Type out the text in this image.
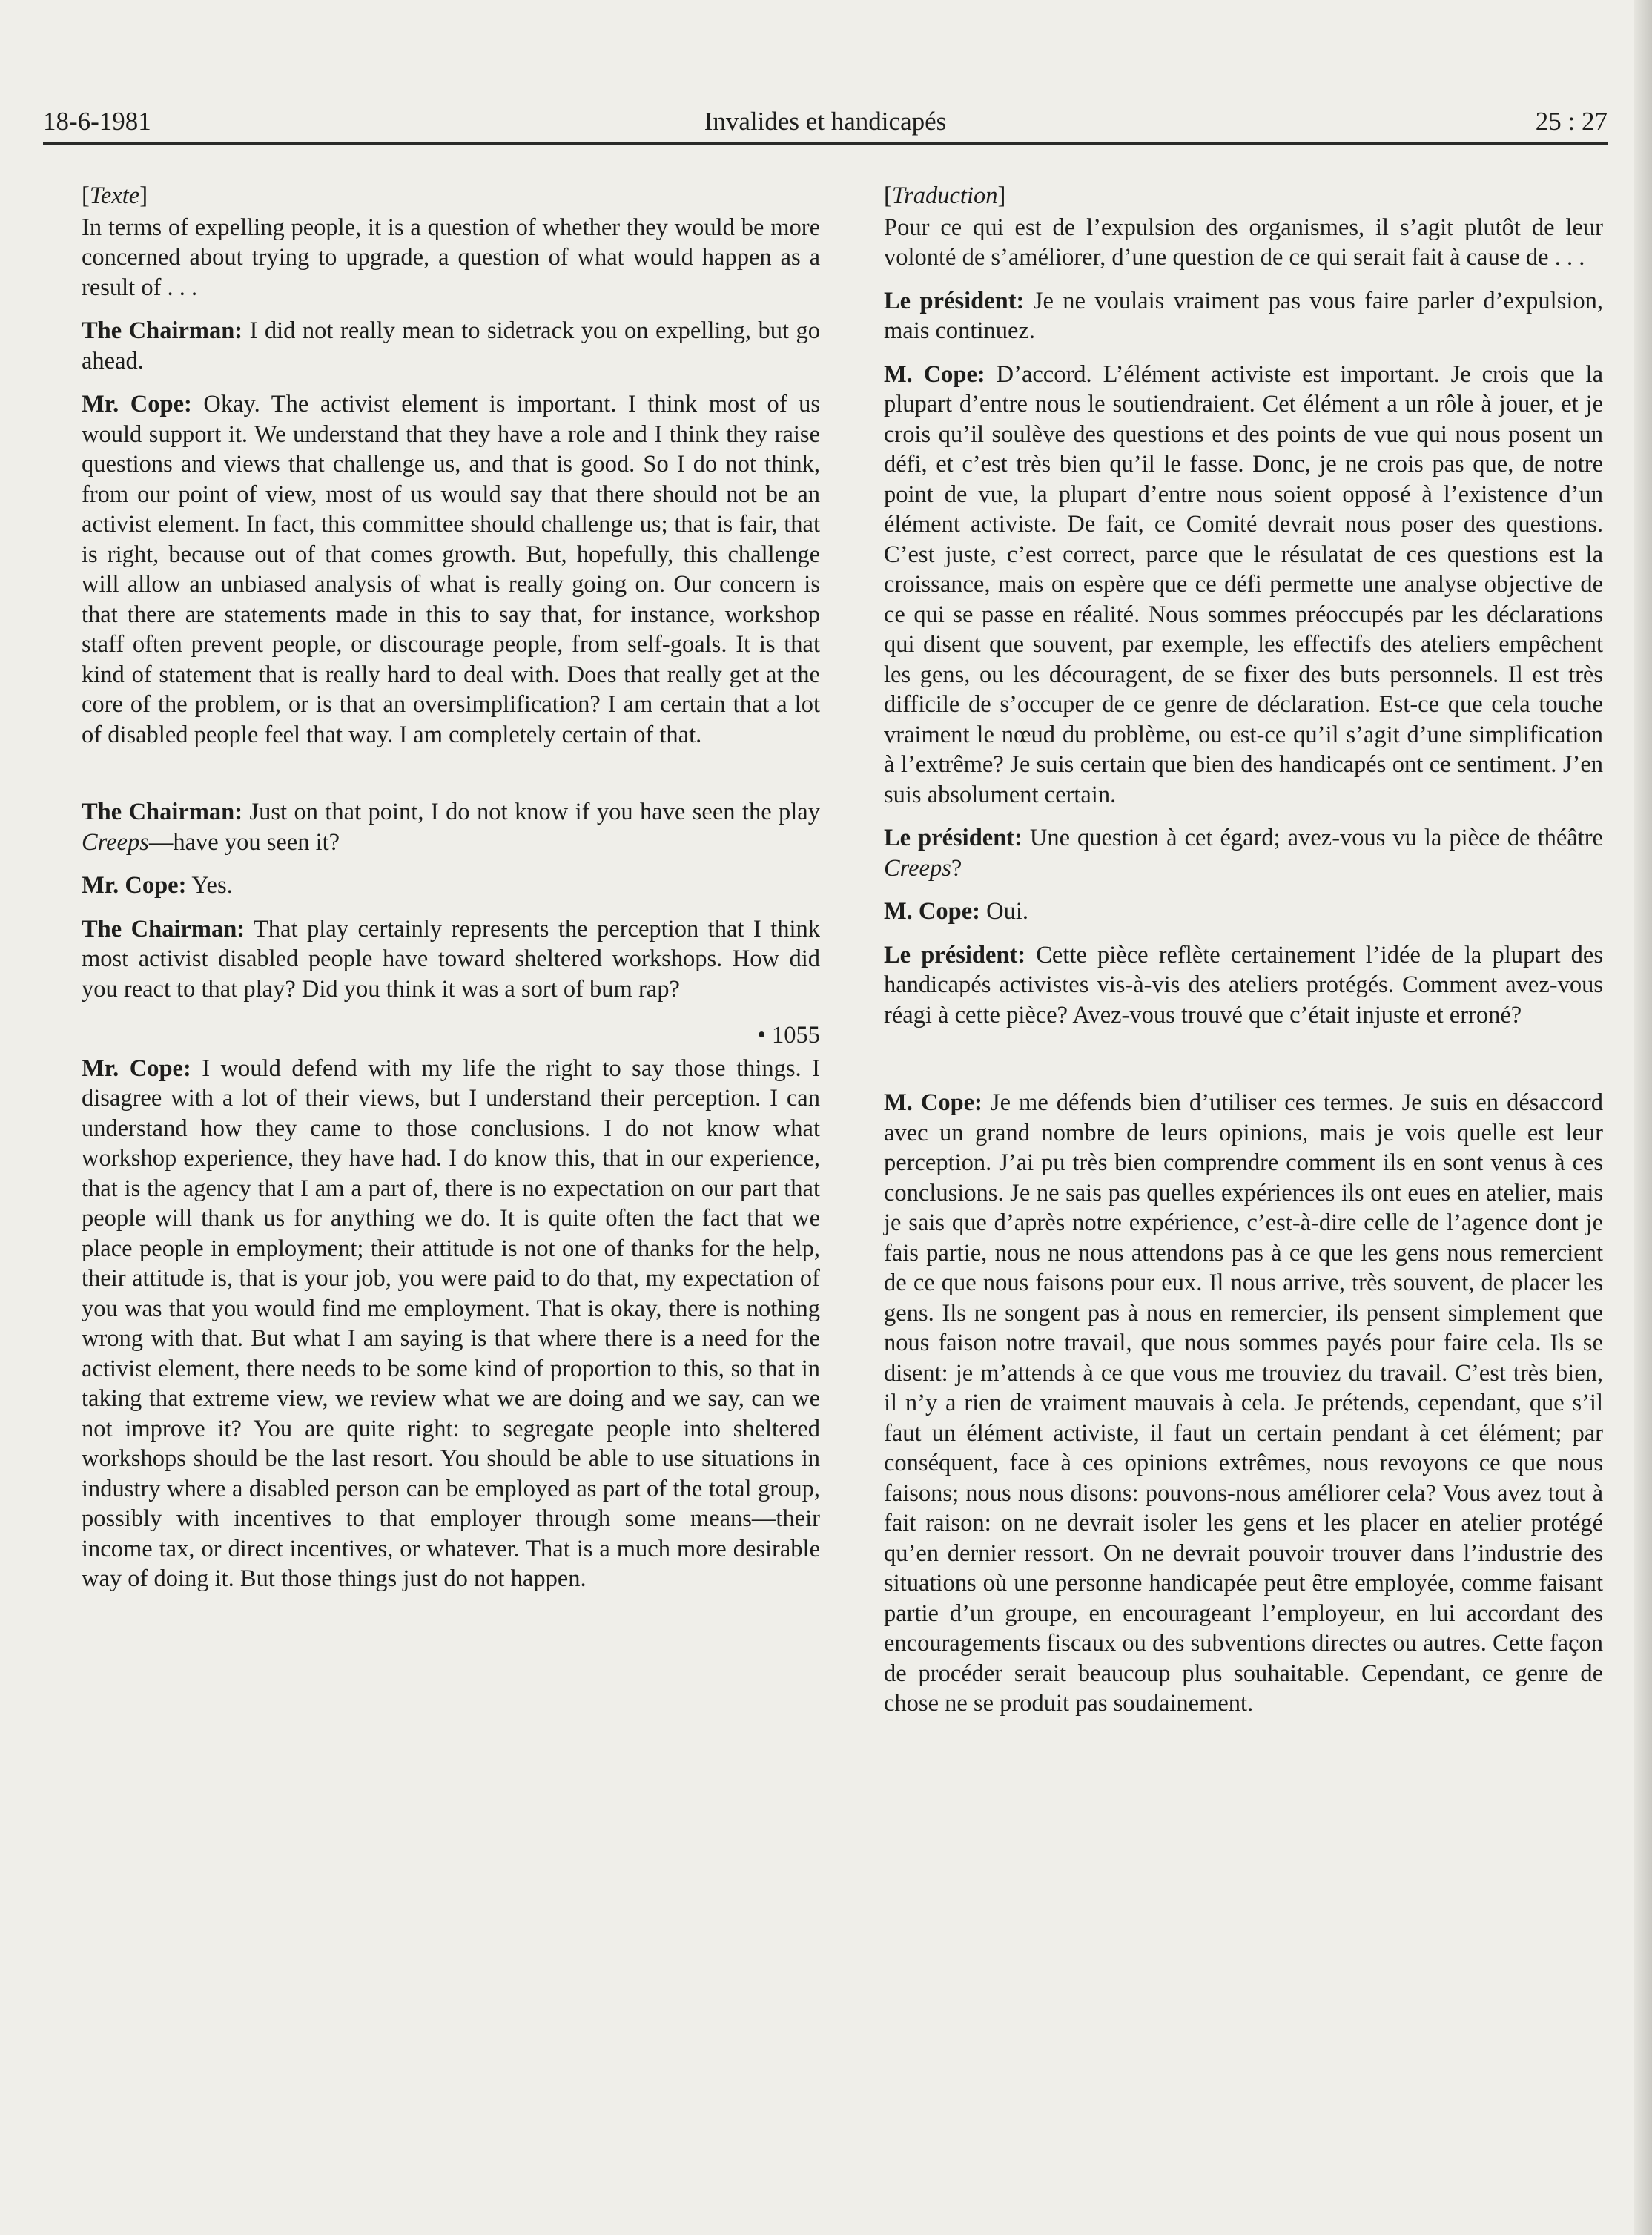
18-6-1981	Invalides et handicapés	25 : 27

[Texte]

In terms of expelling people, it is a question of whether they would be more concerned about trying to upgrade, a question of what would happen as a result of . . .

The Chairman: I did not really mean to sidetrack you on expelling, but go ahead.

Mr. Cope: Okay. The activist element is important. I think most of us would support it. We understand that they have a role and I think they raise questions and views that challenge us, and that is good. So I do not think, from our point of view, most of us would say that there should not be an activist element. In fact, this committee should challenge us; that is fair, that is right, because out of that comes growth. But, hopefully, this challenge will allow an unbiased analysis of what is really going on. Our concern is that there are statements made in this to say that, for instance, workshop staff often prevent people, or discourage people, from self-goals. It is that kind of statement that is really hard to deal with. Does that really get at the core of the problem, or is that an oversimplification? I am certain that a lot of disabled people feel that way. I am completely certain of that.

The Chairman: Just on that point, I do not know if you have seen the play Creeps—have you seen it?

Mr. Cope: Yes.

The Chairman: That play certainly represents the perception that I think most activist disabled people have toward sheltered workshops. How did you react to that play? Did you think it was a sort of bum rap?

• 1055

Mr. Cope: I would defend with my life the right to say those things. I disagree with a lot of their views, but I understand their perception. I can understand how they came to those conclusions. I do not know what workshop experience, they have had. I do know this, that in our experience, that is the agency that I am a part of, there is no expectation on our part that people will thank us for anything we do. It is quite often the fact that we place people in employment; their attitude is not one of thanks for the help, their attitude is, that is your job, you were paid to do that, my expectation of you was that you would find me employment. That is okay, there is nothing wrong with that. But what I am saying is that where there is a need for the activist element, there needs to be some kind of proportion to this, so that in taking that extreme view, we review what we are doing and we say, can we not improve it? You are quite right: to segregate people into sheltered workshops should be the last resort. You should be able to use situations in industry where a disabled person can be employed as part of the total group, possibly with incentives to that employer through some means—their income tax, or direct incentives, or whatever. That is a much more desirable way of doing it. But those things just do not happen.

[Traduction]

Pour ce qui est de l’expulsion des organismes, il s’agit plutôt de leur volonté de s’améliorer, d’une question de ce qui serait fait à cause de . . .

Le président: Je ne voulais vraiment pas vous faire parler d’expulsion, mais continuez.

M. Cope: D’accord. L’élément activiste est important. Je crois que la plupart d’entre nous le soutiendraient. Cet élément a un rôle à jouer, et je crois qu’il soulève des questions et des points de vue qui nous posent un défi, et c’est très bien qu’il le fasse. Donc, je ne crois pas que, de notre point de vue, la plupart d’entre nous soient opposé à l’existence d’un élément activiste. De fait, ce Comité devrait nous poser des questions. C’est juste, c’est correct, parce que le résulatat de ces questions est la croissance, mais on espère que ce défi permette une analyse objective de ce qui se passe en réalité. Nous sommes préoccupés par les déclarations qui disent que souvent, par exemple, les effectifs des ateliers empêchent les gens, ou les découragent, de se fixer des buts personnels. Il est très difficile de s’occuper de ce genre de déclaration. Est-ce que cela touche vraiment le nœud du problème, ou est-ce qu’il s’agit d’une simplification à l’extrême? Je suis certain que bien des handicapés ont ce sentiment. J’en suis absolument certain.

Le président: Une question à cet égard; avez-vous vu la pièce de théâtre Creeps?

M. Cope: Oui.

Le président: Cette pièce reflète certainement l’idée de la plupart des handicapés activistes vis-à-vis des ateliers protégés. Comment avez-vous réagi à cette pièce? Avez-vous trouvé que c’était injuste et erroné?

M. Cope: Je me défends bien d’utiliser ces termes. Je suis en désaccord avec un grand nombre de leurs opinions, mais je vois quelle est leur perception. J’ai pu très bien comprendre comment ils en sont venus à ces conclusions. Je ne sais pas quelles expériences ils ont eues en atelier, mais je sais que d’après notre expérience, c’est-à-dire celle de l’agence dont je fais partie, nous ne nous attendons pas à ce que les gens nous remercient de ce que nous faisons pour eux. Il nous arrive, très souvent, de placer les gens. Ils ne songent pas à nous en remercier, ils pensent simplement que nous faison notre travail, que nous sommes payés pour faire cela. Ils se disent: je m’attends à ce que vous me trouviez du travail. C’est très bien, il n’y a rien de vraiment mauvais à cela. Je prétends, cependant, que s’il faut un élément activiste, il faut un certain pendant à cet élément; par conséquent, face à ces opinions extrêmes, nous revoyons ce que nous faisons; nous nous disons: pouvons-nous améliorer cela? Vous avez tout à fait raison: on ne devrait isoler les gens et les placer en atelier protégé qu’en dernier ressort. On ne devrait pouvoir trouver dans l’industrie des situations où une personne handicapée peut être employée, comme faisant partie d’un groupe, en encourageant l’employeur, en lui accordant des encouragements fiscaux ou des subventions directes ou autres. Cette façon de procéder serait beaucoup plus souhaitable. Cependant, ce genre de chose ne se produit pas soudainement.
